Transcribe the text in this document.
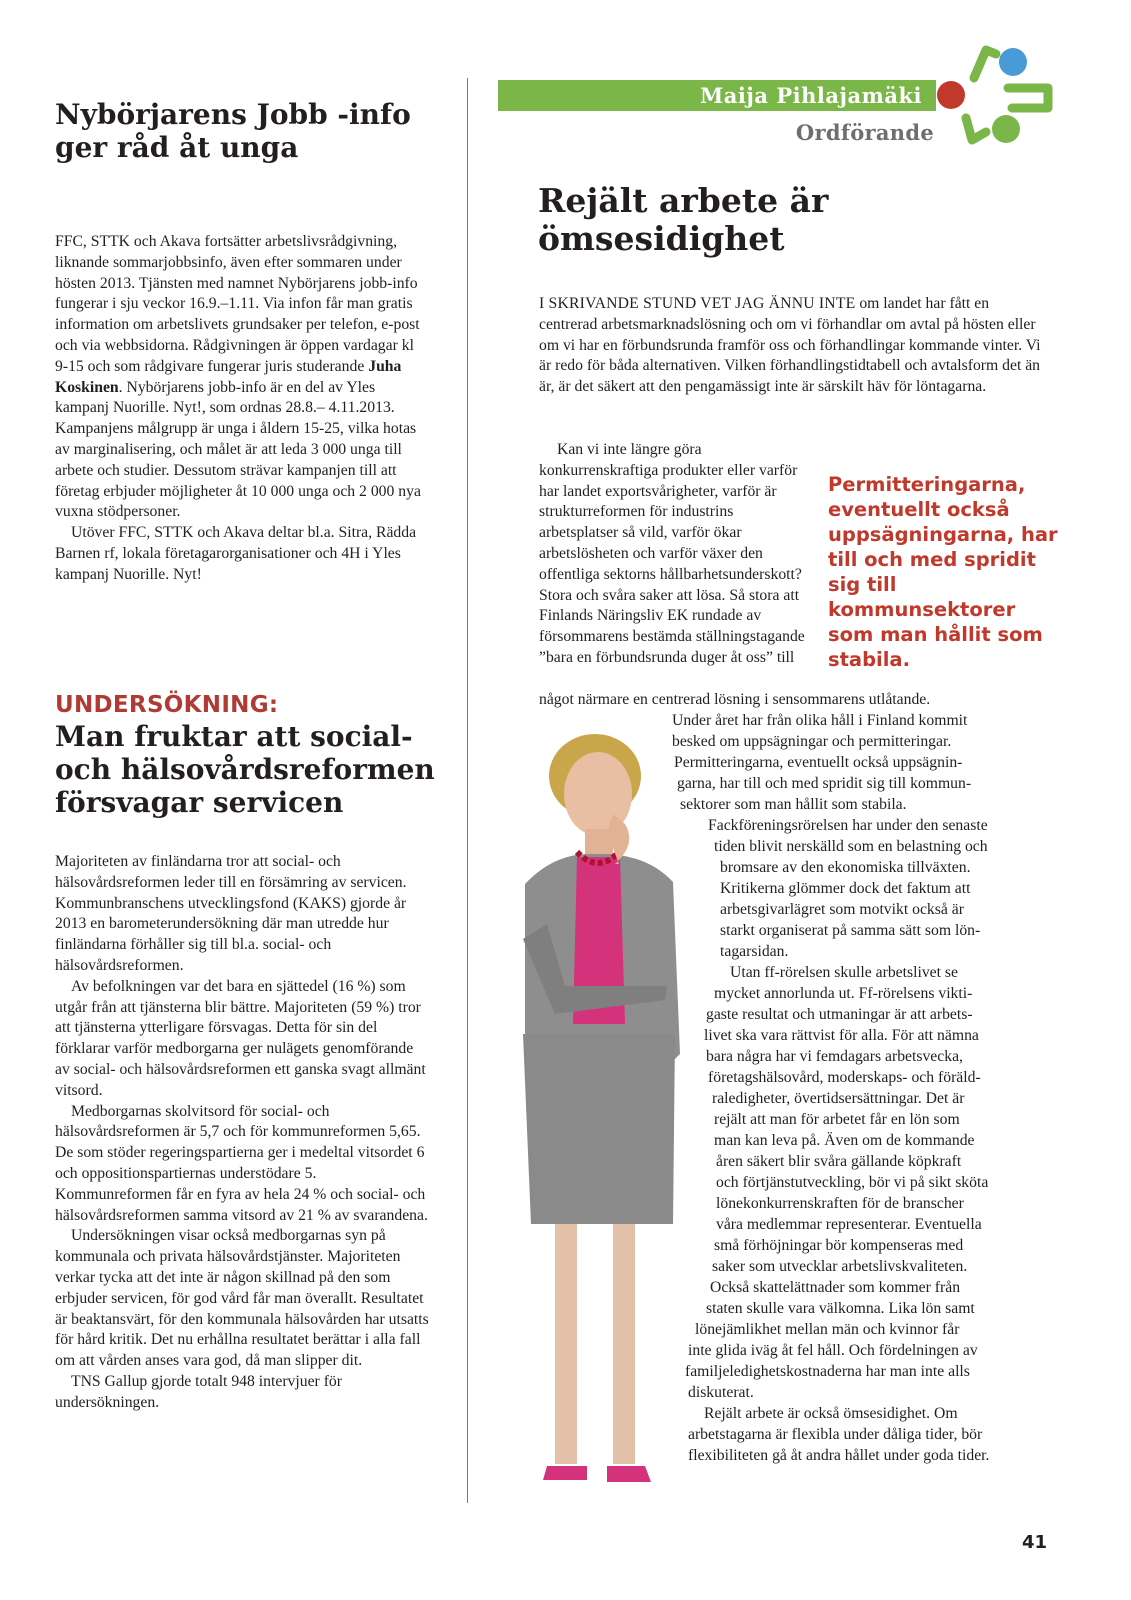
Nybörjarens Jobb -info ger råd åt unga

FFC, STTK och Akava fortsätter arbetslivsrådgivning, liknande sommarjobbsinfo, även efter sommaren under hösten 2013. Tjänsten med namnet Nybörjarens jobb-info fungerar i sju veckor 16.9.–1.11. Via infon får man gratis information om arbetslivets grundsaker per telefon, e-post och via webbsidorna. Rådgivningen är öppen vardagar kl 9-15 och som rådgivare fungerar juris studerande Juha Koskinen. Nybörjarens jobb-info är en del av Yles kampanj Nuorille. Nyt!, som ordnas 28.8.– 4.11.2013. Kampanjens målgrupp är unga i åldern 15-25, vilka hotas av marginalisering, och målet är att leda 3 000 unga till arbete och studier. Dessutom strävar kampanjen till att företag erbjuder möjligheter åt 10 000 unga och 2 000 nya vuxna stödpersoner.

Utöver FFC, STTK och Akava deltar bl.a. Sitra, Rädda Barnen rf, lokala företagarorganisationer och 4H i Yles kampanj Nuorille. Nyt!

UNDERSÖKNING:
Man fruktar att social- och hälsovårdsreformen försvagar servicen

Majoriteten av finländarna tror att social- och hälsovårdsreformen leder till en försämring av servicen. Kommunbranschens utvecklingsfond (KAKS) gjorde år 2013 en barometerundersökning där man utredde hur finländarna förhåller sig till bl.a. social- och hälsovårdsreformen.

Av befolkningen var det bara en sjättedel (16 %) som utgår från att tjänsterna blir bättre. Majoriteten (59 %) tror att tjänsterna ytterligare försvagas. Detta för sin del förklarar varför medborgarna ger nulägets genomförande av social- och hälsovårdsreformen ett ganska svagt allmänt vitsord.

Medborgarnas skolvitsord för social- och hälsovårdsreformen är 5,7 och för kommunreformen 5,65. De som stöder regeringspartierna ger i medeltal vitsordet 6 och oppositionspartiernas understödare 5. Kommunreformen får en fyra av hela 24 % och social- och hälsovårdsreformen samma vitsord av 21 % av svarandena.

Undersökningen visar också medborgarnas syn på kommunala och privata hälsovårdstjänster. Majoriteten verkar tycka att det inte är någon skillnad på den som erbjuder servicen, för god vård får man överallt. Resultatet är beaktansvärt, för den kommunala hälsovården har utsatts för hård kritik. Det nu erhållna resultatet berättar i alla fall om att vården anses vara god, då man slipper dit.

TNS Gallup gjorde totalt 948 intervjuer för undersökningen.

Maija Pihlajamäki
Ordförande
Rejält arbete är ömsesidighet

I SKRIVANDE STUND VET JAG ÄNNU INTE om landet har fått en centrerad arbetsmarknadslösning och om vi förhandlar om avtal på hösten eller om vi har en förbundsrunda framför oss och förhandlingar kommande vinter. Vi är redo för båda alternativen. Vilken förhandlingstidtabell och avtalsform det än är, är det säkert att den pengamässigt inte är särskilt häv för löntagarna.

Kan vi inte längre göra konkurrenskraftiga produkter eller varför har landet exportsvårigheter, varför är strukturreformen för industrins arbetsplatser så vild, varför ökar arbetslösheten och varför växer den offentliga sektorns hållbarhetsunderskott? Stora och svåra saker att lösa. Så stora att Finlands Näringsliv EK rundade av försommarens bestämda ställningstagande ”bara en förbundsrunda duger åt oss” till

något närmare en centrerad lösning i sensommarens utlåtande.

Permitteringarna, eventuellt också uppsägningarna, har till och med spridit sig till kommunsektorer som man hållit som stabila.

Under året har från olika håll i Finland kommit
besked om uppsägningar och permitteringar.
Permitteringarna, eventuellt också uppsägnin-
garna, har till och med spridit sig till kommun-
sektorer som man hållit som stabila.
Fackföreningsrörelsen har under den senaste
tiden blivit nerskälld som en belastning och
bromsare av den ekonomiska tillväxten.
Kritikerna glömmer dock det faktum att
arbetsgivarlägret som motvikt också är
starkt organiserat på samma sätt som lön-
tagarsidan.
Utan ff-rörelsen skulle arbetslivet se
mycket annorlunda ut. Ff-rörelsens vikti-
gaste resultat och utmaningar är att arbets-
livet ska vara rättvist för alla. För att nämna
bara några har vi femdagars arbetsvecka,
företagshälsovård, moderskaps- och föräld-
raledigheter, övertidsersättningar. Det är
rejält att man för arbetet får en lön som
man kan leva på. Även om de kommande
åren säkert blir svåra gällande köpkraft
och förtjänstutveckling, bör vi på sikt sköta
lönekonkurrenskraften för de branscher
våra medlemmar representerar. Eventuella
små förhöjningar bör kompenseras med
saker som utvecklar arbetslivskvaliteten.
Också skattelättnader som kommer från
staten skulle vara välkomna. Lika lön samt
lönejämlikhet mellan män och kvinnor får
inte glida iväg åt fel håll. Och fördelningen av
familjeledighetskostnaderna har man inte alls
diskuterat.
Rejält arbete är också ömsesidighet. Om
arbetstagarna är flexibla under dåliga tider, bör
flexibiliteten gå åt andra hållet under goda tider.
41
